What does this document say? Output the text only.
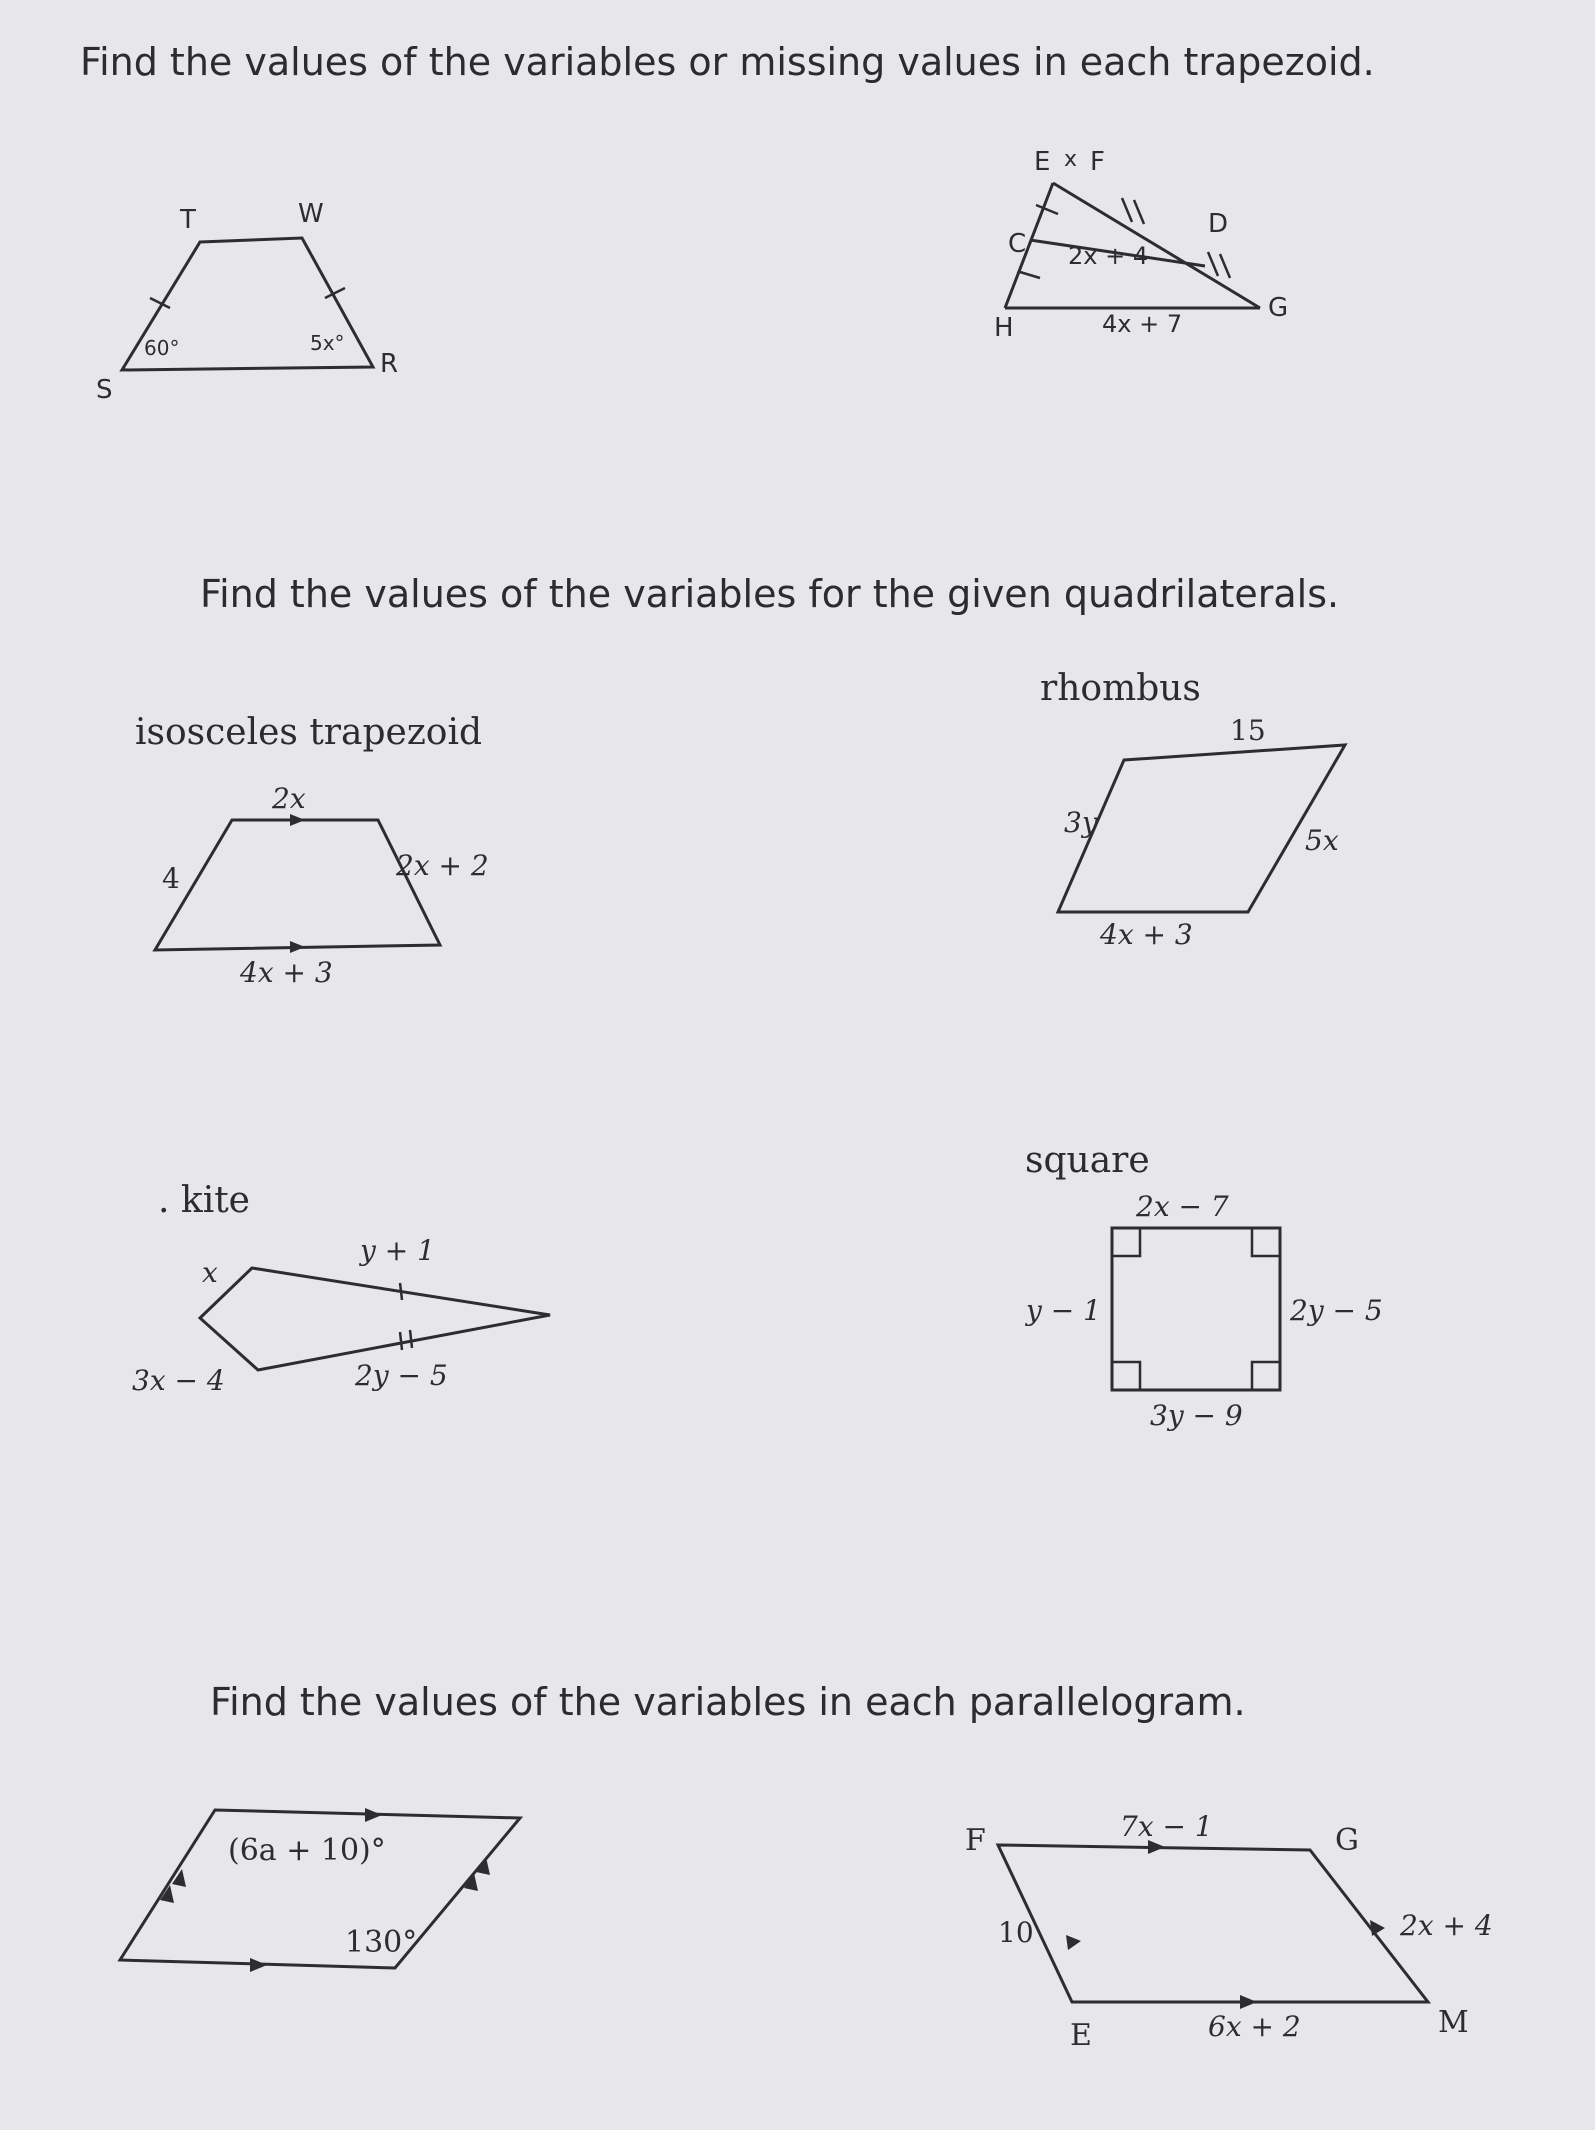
Find the values of the variables or missing values in each trapezoid.
Find the values of the variables for the given quadrilaterals.
Find the values of the variables in each parallelogram.
isosceles trapezoid
rhombus
. kite
square
T	W
R
S
60°	5x°
E x F
C
D
H
G
2x + 4
4x + 7
2x
4	2x + 2
4x + 3
15
3y
5x
4x + 3
x
y + 1
3x − 4	2y − 5
2x − 7
y − 1	2y − 5
3y − 9
(6a + 10)°
130°
F	G
E	M
7x − 1
10	2x + 4
6x + 2
